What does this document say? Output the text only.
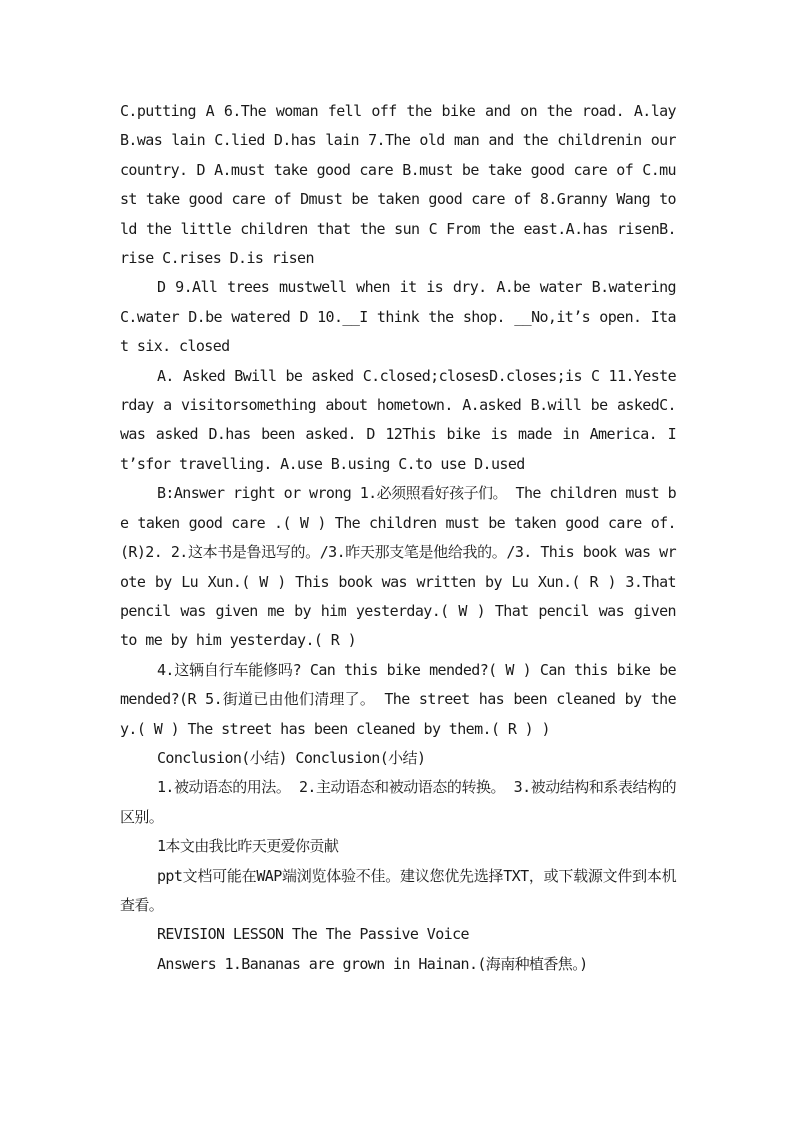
C.putting A 6.The woman fell off the bike and on the road. A.lay B.was lain C.lied D.has lain 7.The old man and the childrenin our country. D A.must take good care B.must be take good care of C.must take good care of Dmust be taken good care of 8.Granny Wang told the little children that the sun C From the east.A.has risenB.rise C.rises D.is risen

D 9.All trees mustwell when it is dry. A.be water B.watering C.water D.be watered D 10.__I think the shop. __No,it’s open. Itat six. closed

A. Asked Bwill be asked C.closed;closesD.closes;is C 11.Yesterday a visitorsomething about hometown. A.asked B.will be askedC.was asked D.has been asked. D 12This bike is made in America. It’sfor travelling. A.use B.using C.to use D.used

B:Answer right or wrong 1.必须照看好孩子们。 The children must be taken good care .( W ) The children must be taken good care of.(R)2. 2.这本书是鲁迅写的。/3.昨天那支笔是他给我的。/3. This book was wrote by Lu Xun.( W ) This book was written by Lu Xun.( R ) 3.That pencil was given me by him yesterday.( W ) That pencil was given to me by him yesterday.( R )

4.这辆自行车能修吗? Can this bike mended?( W ) Can this bike be mended?(R 5.街道已由他们清理了。 The street has been cleaned by they.( W ) The street has been cleaned by them.( R ) )

Conclusion(小结) Conclusion(小结)

1.被动语态的用法。 2.主动语态和被动语态的转换。 3.被动结构和系表结构的区别。

1本文由我比昨天更爱你贡献

ppt文档可能在WAP端浏览体验不佳。建议您优先选择TXT，或下载源文件到本机查看。

REVISION LESSON The The Passive Voice

Answers 1.Bananas are grown in Hainan.(海南种植香焦。)
